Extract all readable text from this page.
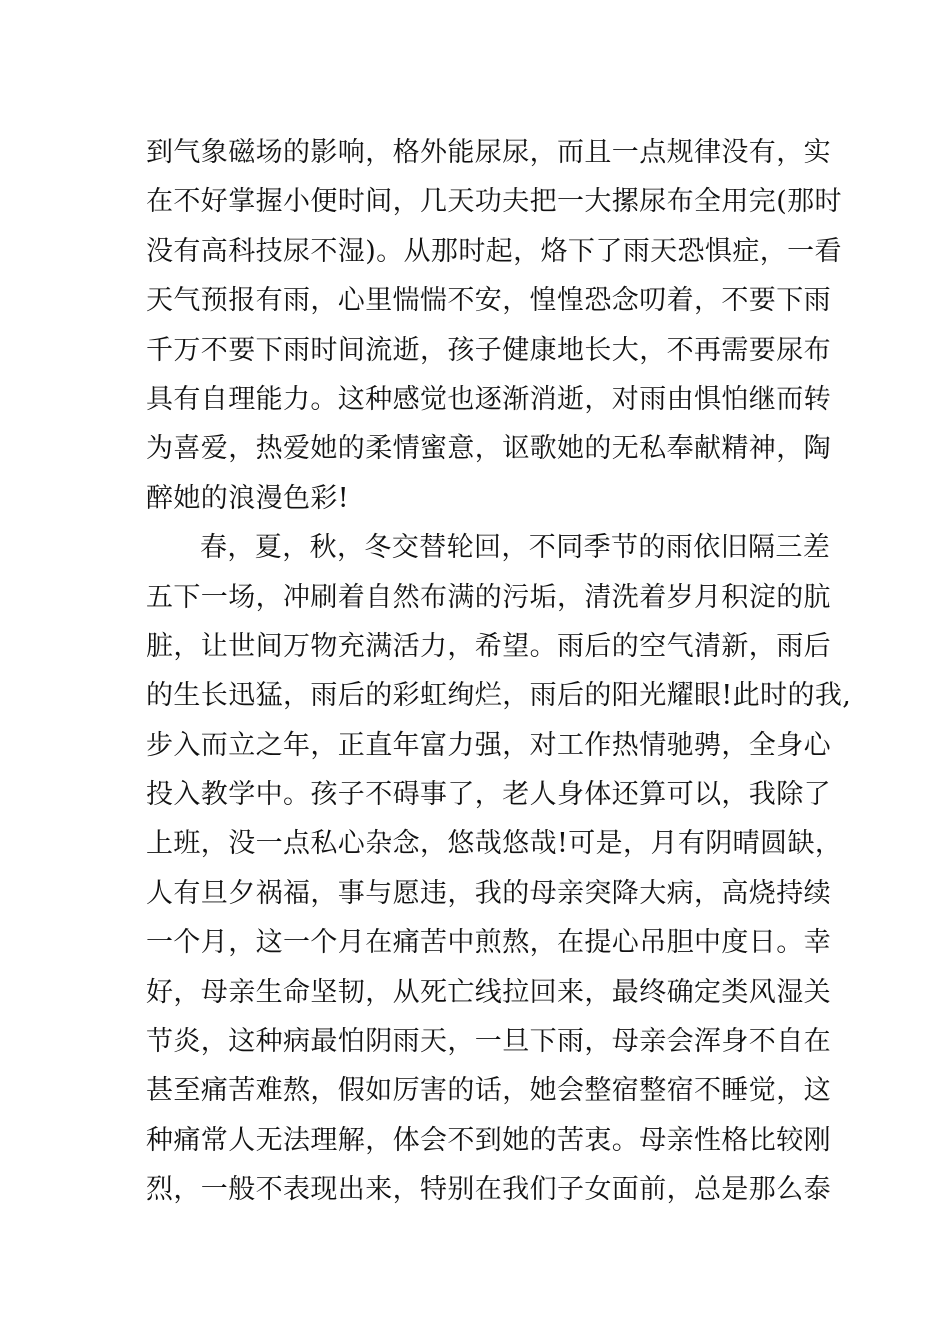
到气象磁场的影响，格外能尿尿，而且一点规律没有，实
在不好掌握小便时间，几天功夫把一大摞尿布全用完(那时
没有高科技尿不湿)。从那时起，烙下了雨天恐惧症，一看
天气预报有雨，心里惴惴不安，惶惶恐念叨着，不要下雨
千万不要下雨时间流逝，孩子健康地长大，不再需要尿布
具有自理能力。这种感觉也逐渐消逝，对雨由惧怕继而转
为喜爱，热爱她的柔情蜜意，讴歌她的无私奉献精神，陶
醉她的浪漫色彩!
春，夏，秋，冬交替轮回，不同季节的雨依旧隔三差
五下一场，冲刷着自然布满的污垢，清洗着岁月积淀的肮
脏，让世间万物充满活力，希望。雨后的空气清新，雨后
的生长迅猛，雨后的彩虹绚烂，雨后的阳光耀眼!此时的我,
步入而立之年，正直年富力强，对工作热情驰骋，全身心
投入教学中。孩子不碍事了，老人身体还算可以，我除了
上班，没一点私心杂念，悠哉悠哉!可是，月有阴晴圆缺，
人有旦夕祸福，事与愿违，我的母亲突降大病，高烧持续
一个月，这一个月在痛苦中煎熬，在提心吊胆中度日。幸
好，母亲生命坚韧，从死亡线拉回来，最终确定类风湿关
节炎，这种病最怕阴雨天，一旦下雨，母亲会浑身不自在
甚至痛苦难熬，假如厉害的话，她会整宿整宿不睡觉，这
种痛常人无法理解，体会不到她的苦衷。母亲性格比较刚
烈，一般不表现出来，特别在我们子女面前，总是那么泰
